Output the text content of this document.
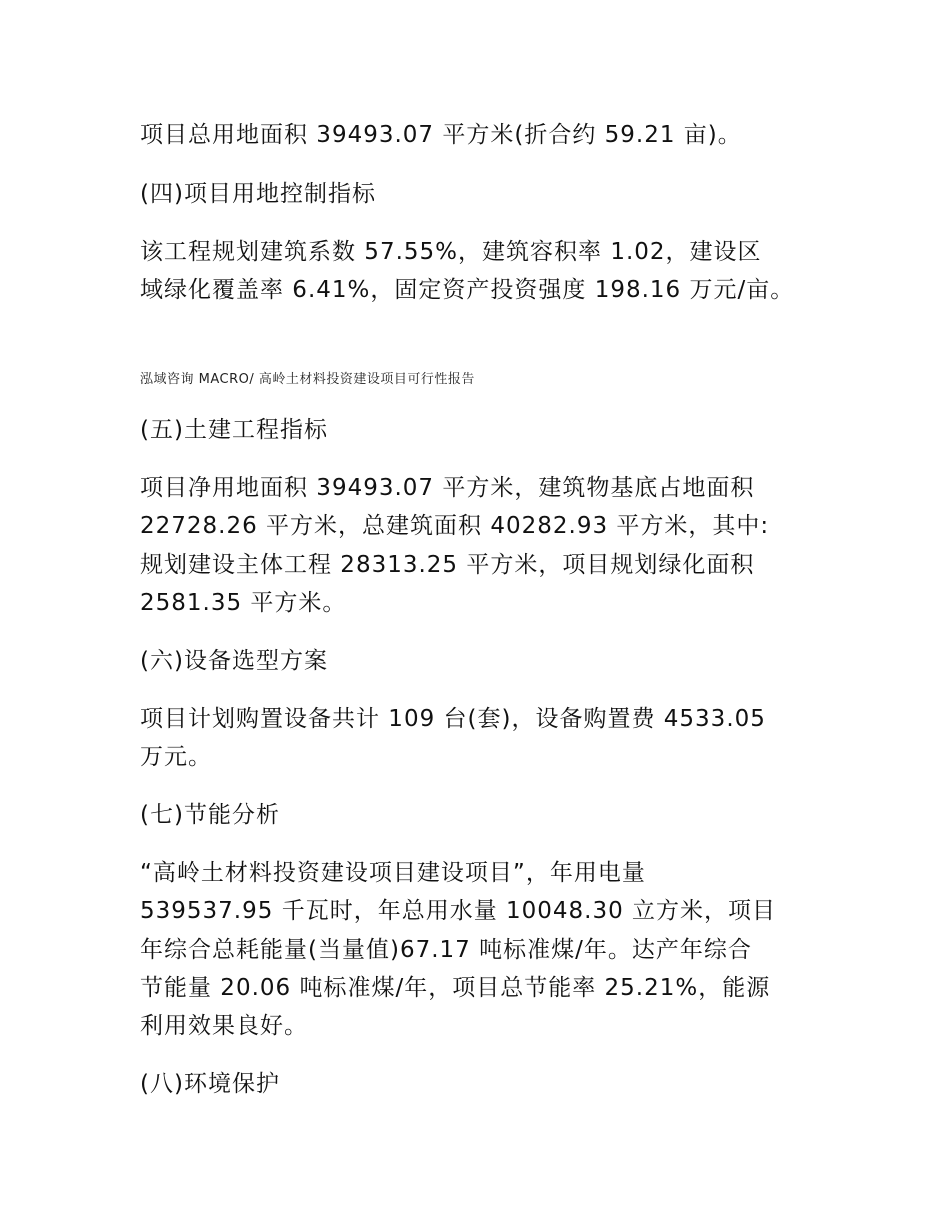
项目总用地面积 39493.07 平方米(折合约 59.21 亩)。
(四)项目用地控制指标
该工程规划建筑系数 57.55%，建筑容积率 1.02，建设区
域绿化覆盖率 6.41%，固定资产投资强度 198.16 万元/亩。
泓域咨询 MACRO/ 高岭土材料投资建设项目可行性报告
(五)土建工程指标
项目净用地面积 39493.07 平方米，建筑物基底占地面积
22728.26 平方米，总建筑面积 40282.93 平方米，其中:
规划建设主体工程 28313.25 平方米，项目规划绿化面积
2581.35 平方米。
(六)设备选型方案
项目计划购置设备共计 109 台(套)，设备购置费 4533.05
万元。
(七)节能分析
“高岭土材料投资建设项目建设项目”，年用电量
539537.95 千瓦时，年总用水量 10048.30 立方米，项目
年综合总耗能量(当量值)67.17 吨标准煤/年。达产年综合
节能量 20.06 吨标准煤/年，项目总节能率 25.21%，能源
利用效果良好。
(八)环境保护
